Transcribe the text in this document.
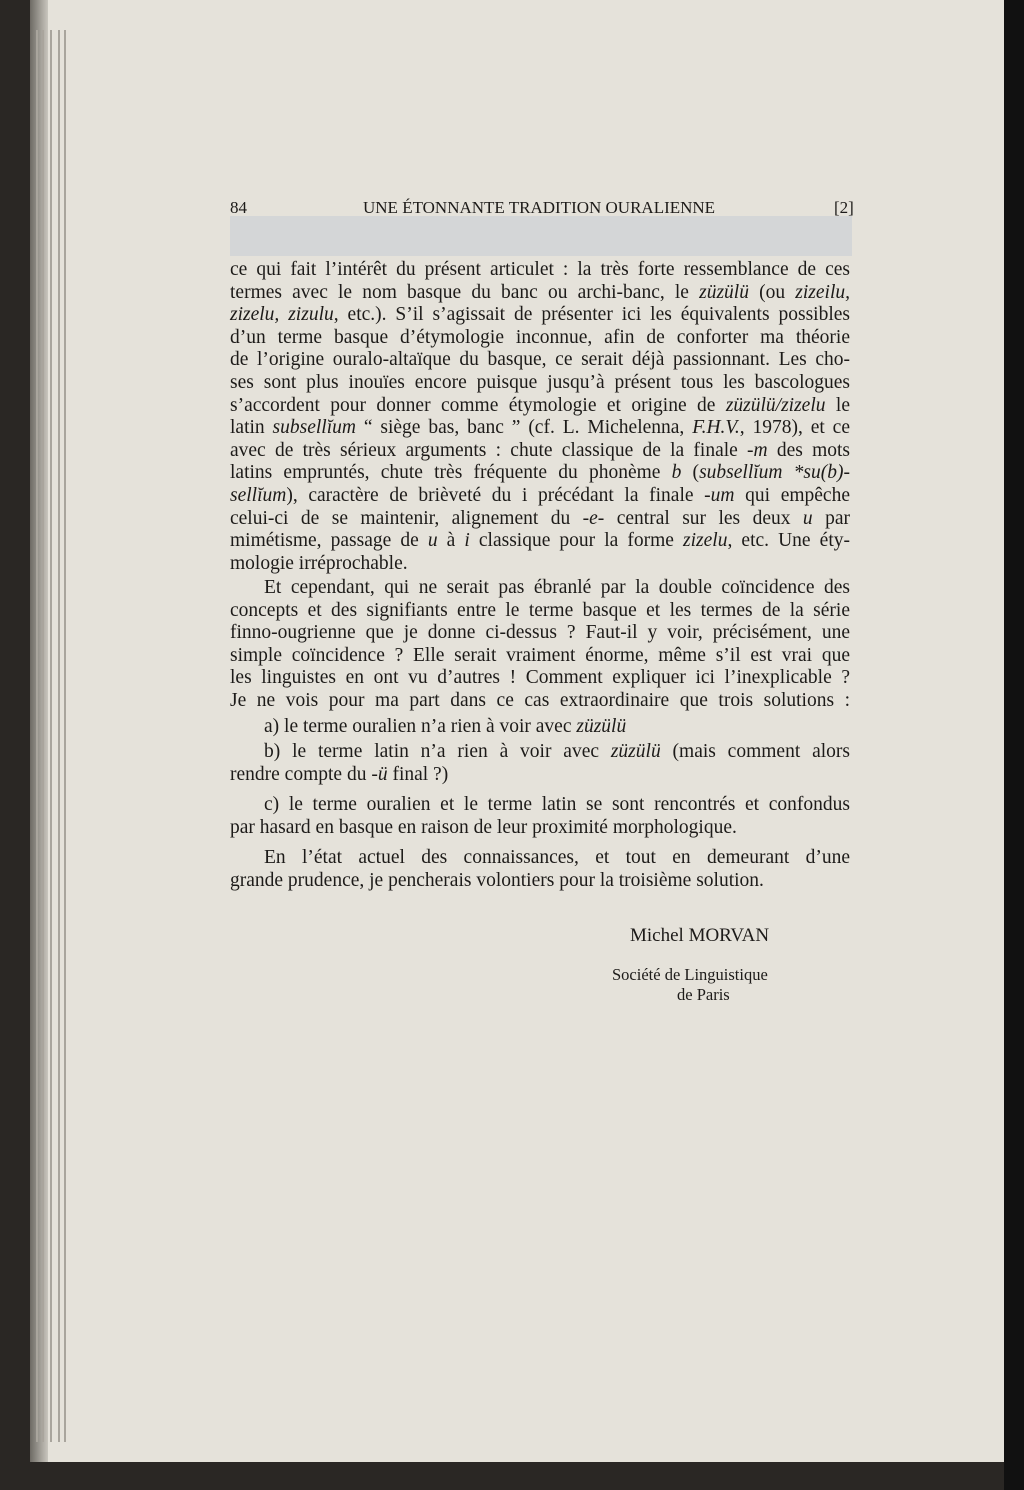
84	UNE ÉTONNANTE TRADITION OURALIENNE	[2]
ce qui fait l’intérêt du présent articulet : la très forte ressemblance de ces
termes avec le nom basque du banc ou archi-banc, le züzülü (ou zizeilu,
zizelu, zizulu, etc.). S’il s’agissait de présenter ici les équivalents possibles
d’un terme basque d’étymologie inconnue, afin de conforter ma théorie
de l’origine ouralo-altaïque du basque, ce serait déjà passionnant. Les cho-
ses sont plus inouïes encore puisque jusqu’à présent tous les bascologues
s’accordent pour donner comme étymologie et origine de züzülü/zizelu le
latin subsellĭum “ siège bas, banc ” (cf. L. Michelenna, F.H.V., 1978), et ce
avec de très sérieux arguments : chute classique de la finale -m des mots
latins empruntés, chute très fréquente du phonème b (subsellĭum *su(b)-
sellĭum), caractère de brièveté du i précédant la finale -um qui empêche
celui-ci de se maintenir, alignement du -e- central sur les deux u par
mimétisme, passage de u à i classique pour la forme zizelu, etc. Une éty-
mologie irréprochable.
Et cependant, qui ne serait pas ébranlé par la double coïncidence des
concepts et des signifiants entre le terme basque et les termes de la série
finno-ougrienne que je donne ci-dessus ? Faut-il y voir, précisément, une
simple coïncidence ? Elle serait vraiment énorme, même s’il est vrai que
les linguistes en ont vu d’autres ! Comment expliquer ici l’inexplicable ?
Je ne vois pour ma part dans ce cas extraordinaire que trois solutions :
a) le terme ouralien n’a rien à voir avec züzülü
b) le terme latin n’a rien à voir avec züzülü (mais comment alors
rendre compte du -ü final ?)
c) le terme ouralien et le terme latin se sont rencontrés et confondus
par hasard en basque en raison de leur proximité morphologique.
En l’état actuel des connaissances, et tout en demeurant d’une
grande prudence, je pencherais volontiers pour la troisième solution.
Michel MORVAN
Société de Linguistique
de Paris
